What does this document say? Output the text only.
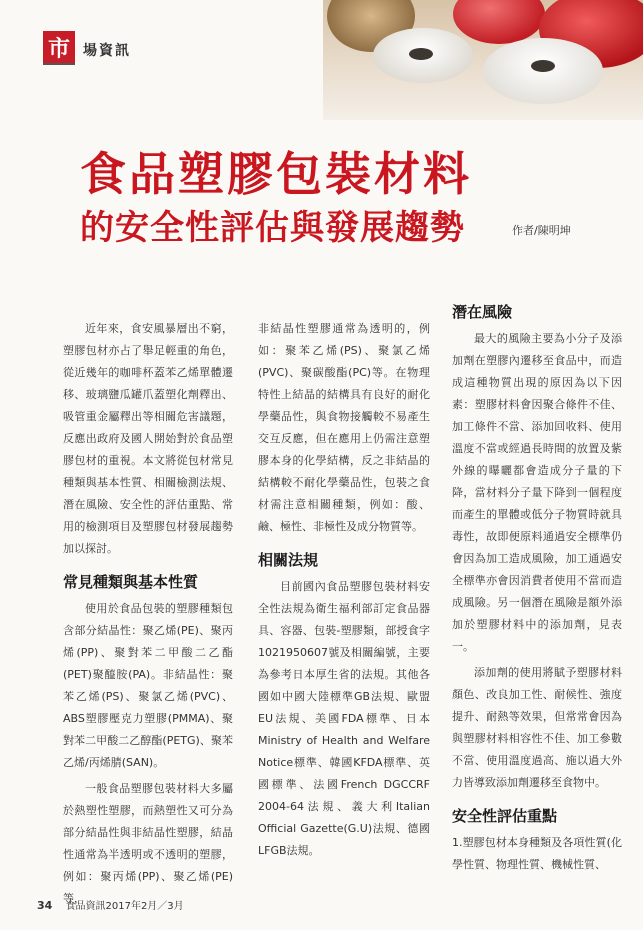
市 場資訊
食品塑膠包裝材料
的安全性評估與發展趨勢	作者/陳明坤

近年來，食安風暴層出不窮，塑膠包材亦占了舉足輕重的角色，從近幾年的咖啡杯蓋苯乙烯單體遷移、玻璃鹽瓜罐爪蓋塑化劑釋出、吸管重金屬釋出等相關危害議題，反應出政府及國人開始對於食品塑膠包材的重視。本文將從包材常見種類與基本性質、相關檢測法規、潛在風險、安全性的評估重點、常用的檢測項目及塑膠包材發展趨勢加以探討。

常見種類與基本性質

使用於食品包裝的塑膠種類包含部分結晶性：聚乙烯(PE)、聚丙烯(PP)、聚對苯二甲酸二乙酯(PET)聚醯胺(PA)。非結晶性：聚苯乙烯(PS)、聚氯乙烯(PVC)、ABS塑膠壓克力塑膠(PMMA)、聚對苯二甲酸二乙醇酯(PETG)、聚苯乙烯/丙烯腈(SAN)。

一般食品塑膠包裝材料大多屬於熱塑性塑膠，而熱塑性又可分為部分結晶性與非結晶性塑膠，結晶性通常為半透明或不透明的塑膠，例如：聚丙烯(PP)、聚乙烯(PE)等，

非結晶性塑膠通常為透明的，例如：聚苯乙烯(PS)、聚氯乙烯(PVC)、聚碳酸酯(PC)等。在物理特性上結晶的結構具有良好的耐化學藥品性，與食物接觸較不易產生交互反應，但在應用上仍需注意塑膠本身的化學結構，反之非結晶的結構較不耐化學藥品性，包裝之食材需注意相關種類，例如：酸、鹼、極性、非極性及成分物質等。

相關法規

目前國內食品塑膠包裝材料安全性法規為衛生福利部訂定食品器具、容器、包裝-塑膠類，部授食字1021950607號及相關編號，主要為參考日本厚生省的法規。其他各國如中國大陸標準GB法規、歐盟EU法規、美國FDA標準、日本Ministry of Health and Welfare Notice標準、韓國KFDA標準、英國標準、法國French DGCCRF 2004-64法規、義大利Italian Official Gazette(G.U)法規、德國LFGB法規。

潛在風險

最大的風險主要為小分子及添加劑在塑膠內遷移至食品中，而造成這種物質出現的原因為以下因素：塑膠材料會因聚合條件不佳、加工條件不當、添加回收料、使用溫度不當或經過長時間的放置及紫外線的曝曬都會造成分子量的下降，當材料分子量下降到一個程度而產生的單體或低分子物質時就具毒性，故即便原料通過安全標準仍會因為加工造成風險，加工通過安全標準亦會因消費者使用不當而造成風險。另一個潛在風險是額外添加於塑膠材料中的添加劑，見表一。

添加劑的使用將賦予塑膠材料顏色、改良加工性、耐候性、強度提升、耐熱等效果，但常常會因為與塑膠材料相容性不佳、加工參數不當、使用溫度過高、施以過大外力皆導致添加劑遷移至食物中。

安全性評估重點

1.塑膠包材本身種類及各項性質(化學性質、物理性質、機械性質、

34 食品資訊2017年2月／3月
